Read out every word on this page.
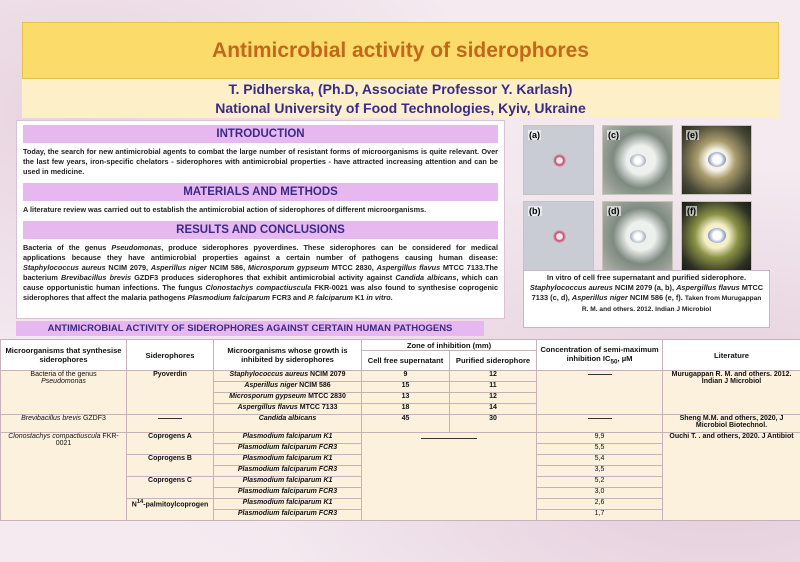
Antimicrobial activity of siderophores
T. Pidherska, (Ph.D, Associate Professor Y. Karlash)
National University of Food Technologies, Kyiv, Ukraine
INTRODUCTION
Today, the search for new antimicrobial agents to combat the large number of resistant forms of microorganisms is quite relevant. Over the last few years, iron-specific chelators - siderophores with antimicrobial properties - have attracted increasing attention and can be used in medicine.
MATERIALS AND METHODS
A literature review was carried out to establish the antimicrobial action of siderophores of different microorganisms.
RESULTS AND CONCLUSIONS
Bacteria of the genus Pseudomonas, produce siderophores pyoverdines. These siderophores can be considered for medical applications because they have antimicrobial properties against a certain number of pathogens causing human disease: Staphylococcus aureus NCIM 2079, Asperillus niger NCIM 586, Microsporum gypseum MTCC 2830, Aspergillus flavus MTCC 7133.The bacterium Brevibacillus brevis GZDF3 produces siderophores that exhibit antimicrobial activity against Candida albicans, which can cause opportunistic human infections. The fungus Clonostachys compactiuscula FKR-0021 was also found to synthesise coprogenic siderophores that affect the malaria pathogens Plasmodium falciparum FCR3 and P. falciparum K1 in vitro.
(a)	(c)	(e)
(b)	(d)	(f)
In vitro of cell free supernatant and purified siderophore. Staphylococcus aureus NCIM 2079 (a, b), Aspergillus flavus MTCC 7133 (c, d), Asperillus niger NCIM 586 (e, f). Taken from Murugappan R. M. and others. 2012. Indian J Microbiol
ANTIMICROBIAL ACTIVITY OF SIDEROPHORES AGAINST CERTAIN HUMAN PATHOGENS
Microorganisms that synthesise siderophores	Siderophores	Microorganisms whose growth is inhibited by siderophores	Zone of inhibition (mm)		Concentration of semi-maximum inhibition $IC_{50}$, µM	Literature
			Cell free supernatant	Purified siderophore		
Bacteria of the genus
Pseudomonas	Pyoverdin	Staphylococcus aureus NCIM 2079	9	12		Murugappan R. M. and others. 2012. Indian J Microbiol
		Asperillus niger NCIM 586	15	11		
		Microsporum gypseum MTCC 2830	13	12		
		Aspergillus flavus MTCC 7133	18	14		
Brevibacillus brevis GZDF3		Candida albicans	45	30		Sheng M.M. and others, 2020, J Microbiol Biotechnol.
Clonostachys compactiuscula FKR-0021	Coprogens A	Plasmodium falciparum K1			9,9	Ouchi T. . and others, 2020. J Antibiot
		Plasmodium falciparum FCR3			5,5	
	Coprogens B	Plasmodium falciparum K1			5,4	
		Plasmodium falciparum FCR3			3,5	
	Coprogens C	Plasmodium falciparum K1			5,2	
		Plasmodium falciparum FCR3			3,0	
	$N^{14}$-palmitoylcoprogen	Plasmodium falciparum K1			2,6	
		Plasmodium falciparum FCR3			1,7	
